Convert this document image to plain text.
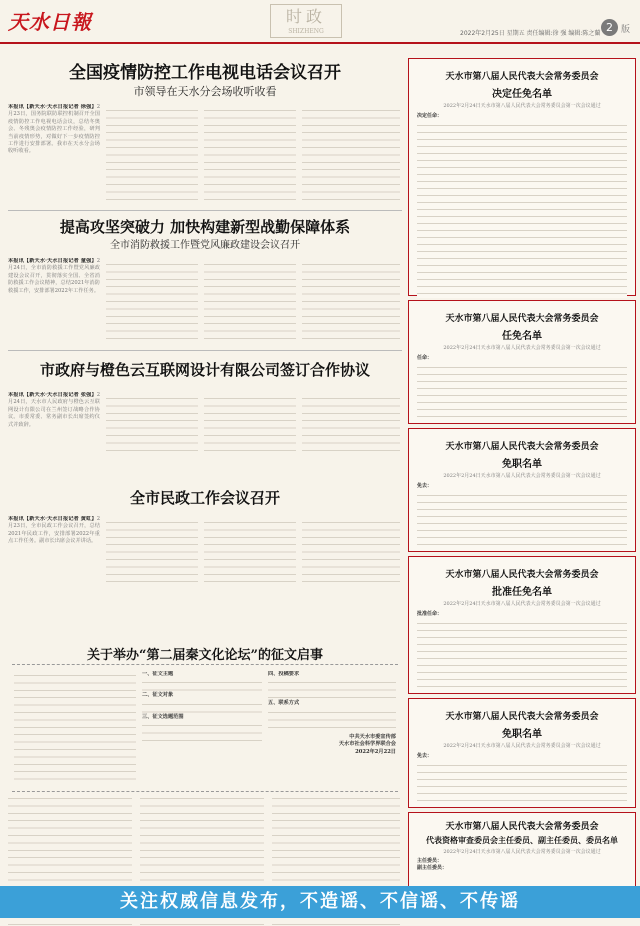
天水日報	时政
SHIZHENG	2022年2月25日 星期五 责任编辑:徐 强 编辑:陈之蘭 2 版
全国疫情防控工作电视电话会议召开
市领导在天水分会场收听收看
本报讯【新天水·天水日报记者 徐强】2月23日，国务院联防联控机制召开全国疫情防控工作电视电话会议，总结冬奥会、冬残奥会疫情防控工作经验，研判当前疫情形势，对做好下一步疫情防控工作进行安排部署。我市在天水分会场收听收看。
提高攻坚突破力 加快构建新型战勤保障体系
全市消防救援工作暨党风廉政建设会议召开
本报讯【新天水·天水日报记者 童强】2月24日，全市消防救援工作暨党风廉政建设会议召开，贯彻落实全国、全省消防救援工作会议精神，总结2021年消防救援工作，安排部署2022年工作任务。
市政府与橙色云互联网设计有限公司签订合作协议
本报讯【新天水·天水日报记者 张强】2月24日，天水市人民政府与橙色云互联网设计有限公司在兰州签订战略合作协议。市委常委、常务副市长出席签约仪式并致辞。
全市民政工作会议召开
本报讯【新天水·天水日报记者 黄虹】2月23日，全市民政工作会议召开，总结2021年民政工作，安排部署2022年重点工作任务。副市长出席会议并讲话。
关于举办“第二届秦文化论坛”的征文启事
一、征文主题
二、征文对象
三、征文选题范围
四、投稿要求
五、联系方式
中共天水市委宣传部
天水市社会科学界联合会
2022年2月22日
天水市第八届人民代表大会常务委员会
决定任免名单
2022年2月24日天水市第八届人民代表大会常务委员会第一次会议通过
决定任命：
天水市第八届人民代表大会常务委员会
任免名单
2022年2月24日天水市第八届人民代表大会常务委员会第一次会议通过
任命：
天水市第八届人民代表大会常务委员会
免职名单
2022年2月24日天水市第八届人民代表大会常务委员会第一次会议通过
免去：
天水市第八届人民代表大会常务委员会
批准任免名单
2022年2月24日天水市第八届人民代表大会常务委员会第一次会议通过
批准任命：
天水市第八届人民代表大会常务委员会
免职名单
2022年2月24日天水市第八届人民代表大会常务委员会第一次会议通过
免去：
天水市第八届人民代表大会常务委员会
代表资格审查委员会主任委员、副主任委员、委员名单
2022年2月24日天水市第八届人民代表大会常务委员会第一次会议通过
主任委员：
副主任委员：
关注权威信息发布，不造谣、不信谣、不传谣
